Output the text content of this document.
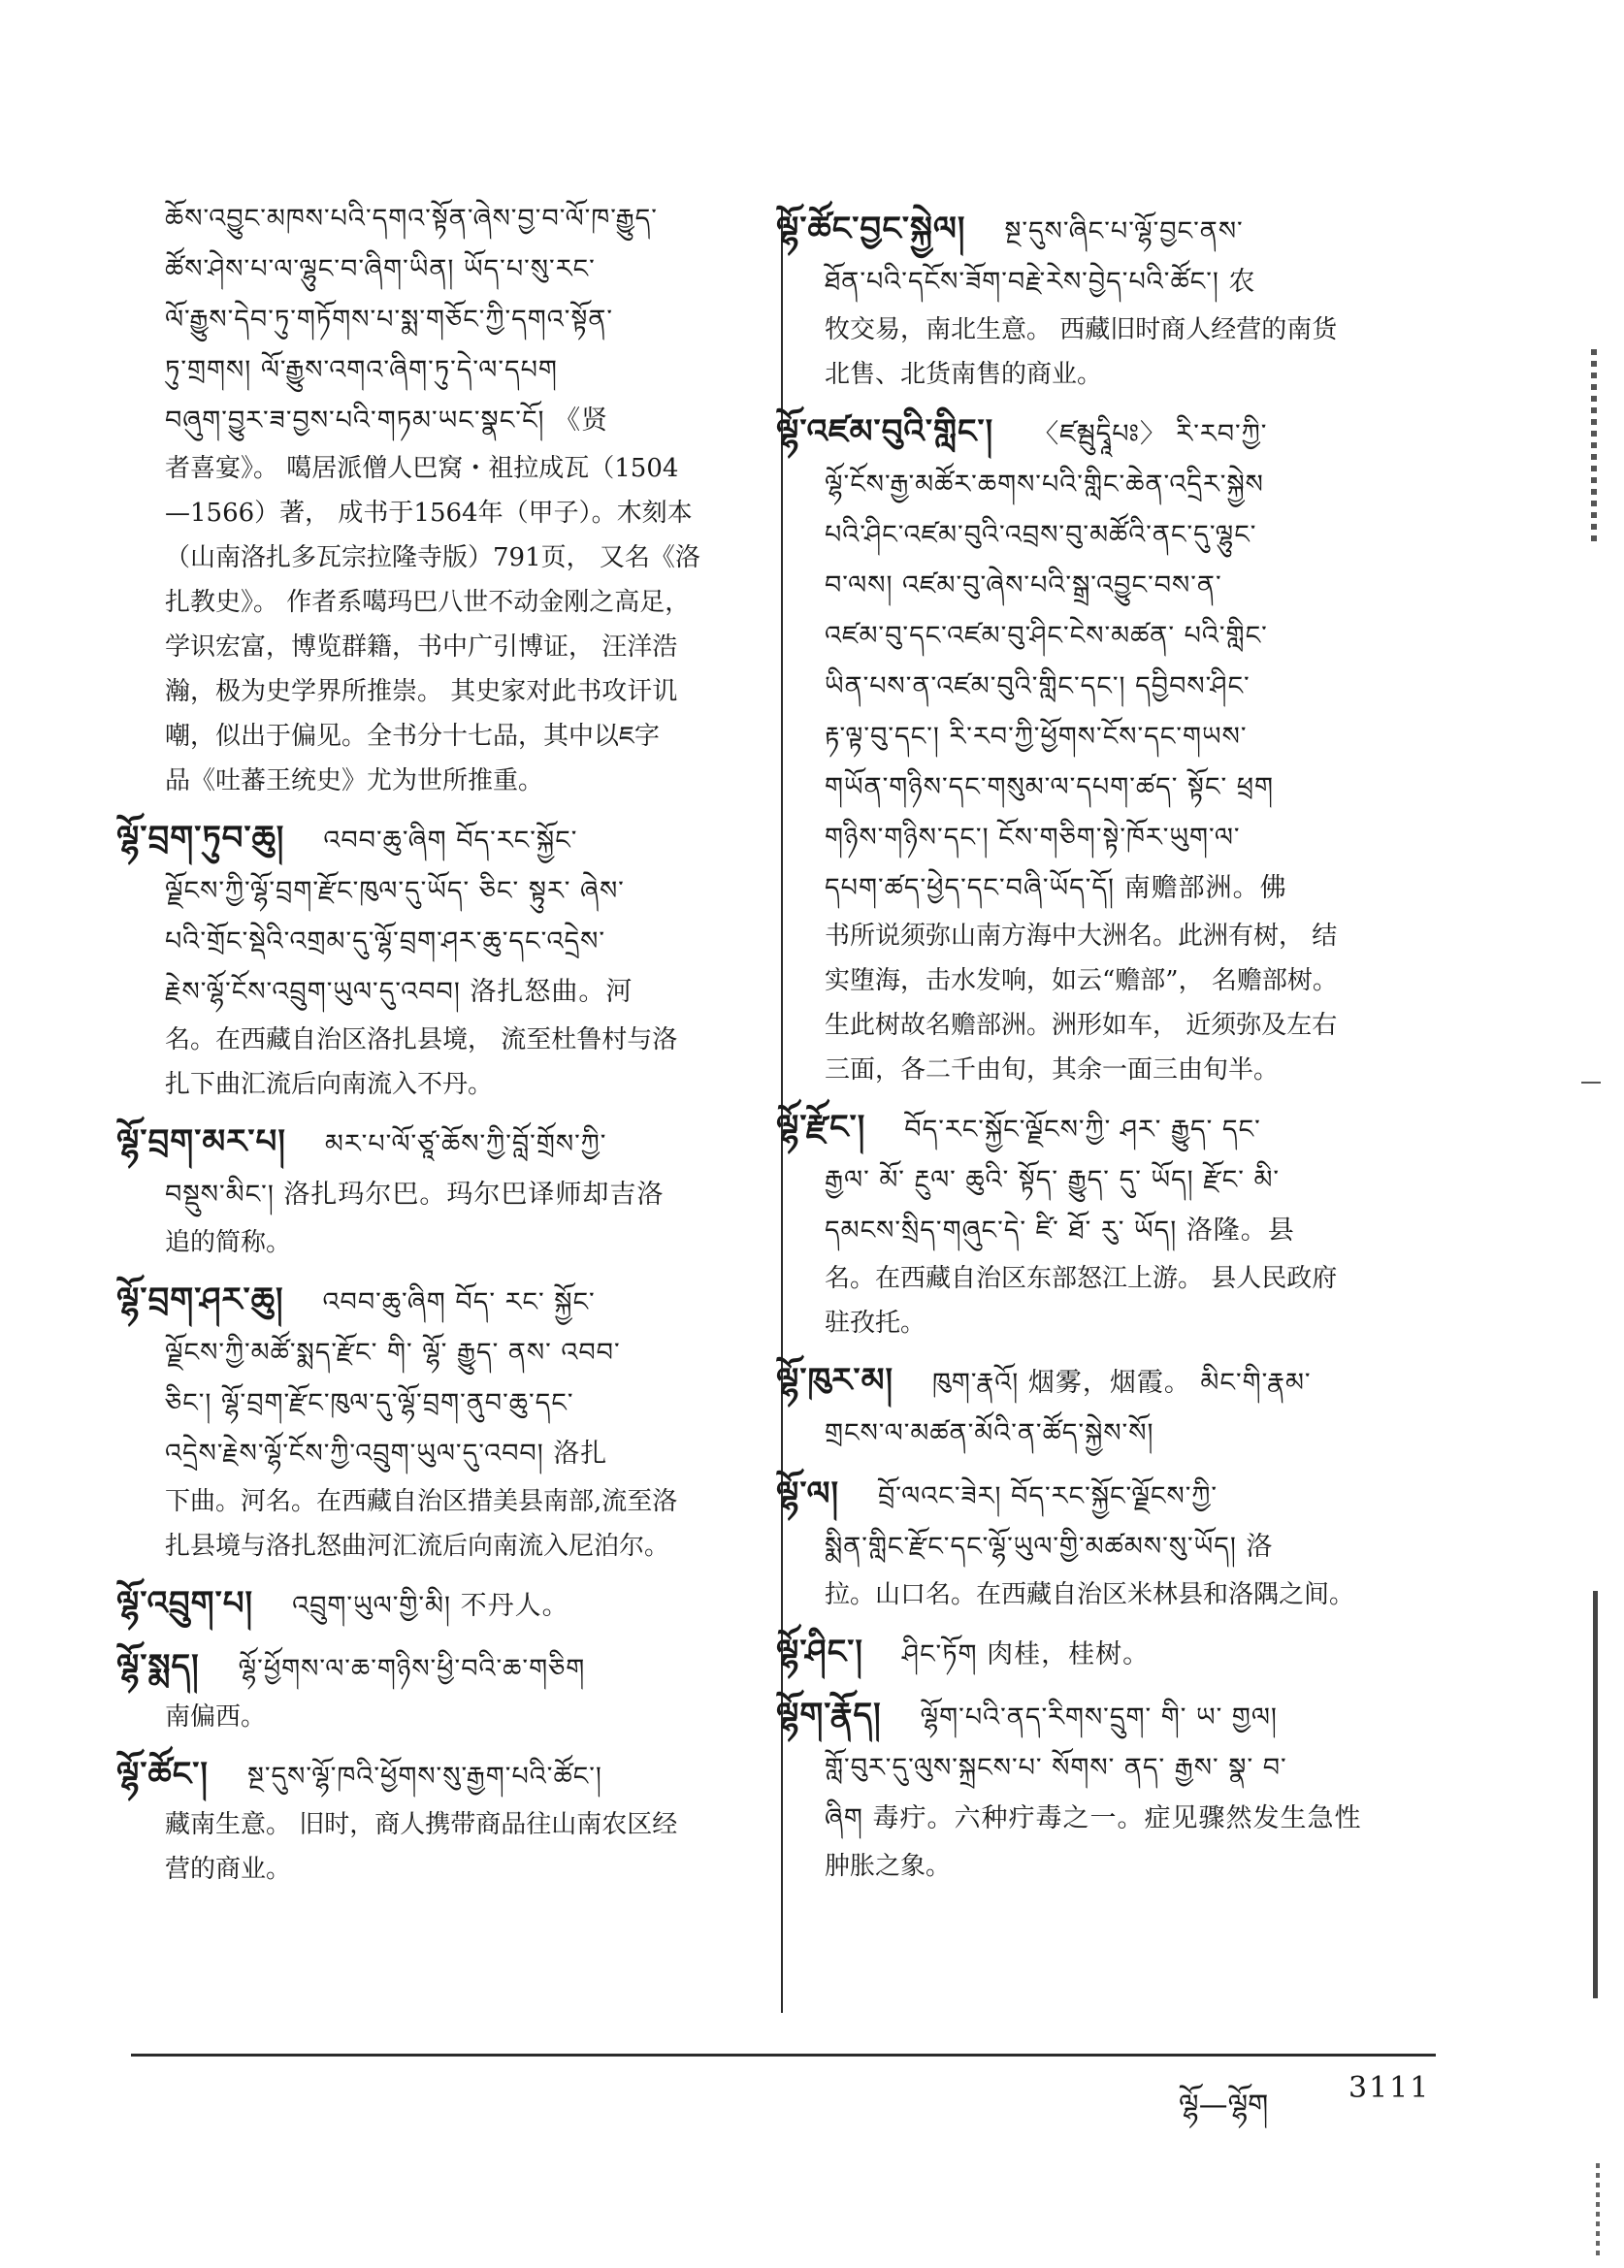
ཆོས་འབྱུང་མཁས་པའི་དགའ་སྟོན་ཞེས་བྱ་བ་ལོ་ཁ་རྒྱུད་

ཚོས་ཤེས་པ་ལ་ལྷུང་བ་ཞིག་ཡིན། ཡོད་པ་སུ་རང་

ལོ་རྒྱུས་དེབ་ཏུ་གཏོགས་པ་སྨ་གཅོང་ཀྱི་དགའ་སྟོན་

ཏུ་གྲགས། ལོ་རྒྱུས་འགའ་ཞིག་ཏུ་དེ་ལ་དཔག

བཞུག་བྱུར་ཟ་བྱས་པའི་གཏམ་ཡང་སྣང་ངོ། 《贤

者喜宴》。 噶居派僧人巴窝・祖拉成瓦（1504

—1566）著， 成书于1564年（甲子）。木刻本

（山南洛扎多瓦宗拉隆寺版）791页， 又名《洛

扎教史》。 作者系噶玛巴八世不动金刚之高足，

学识宏富，博览群籍，书中广引博证， 汪洋浩

瀚，极为史学界所推崇。 其史家对此书攻讦讥

嘲，似出于偏见。全书分十七品，其中以ཇ字

品《吐蕃王统史》尤为世所推重。

ལྷོ་བྲག་ཏུབ་ཆུ། འབབ་ཆུ་ཞིག བོད་རང་སྐྱོང་

ལྗོངས་ཀྱི་ལྷོ་བྲག་རྫོང་ཁུལ་དུ་ཡོད་ ཅིང་ སྟུར་ ཞེས་

པའི་གྲོང་སྡེའི་འགྲམ་དུ་ལྷོ་བྲག་ཤར་ཆུ་དང་འདྲེས་

རྗེས་ལྷོ་ངོས་འབྲུག་ཡུལ་དུ་འབབ། 洛扎怒曲。河

名。在西藏自治区洛扎县境， 流至杜鲁村与洛

扎下曲汇流后向南流入不丹。

ལྷོ་བྲག་མར་པ། མར་པ་ལོ་ཙཱ་ཆོས་ཀྱི་བློ་གྲོས་ཀྱི་

བསྡུས་མིང་། 洛扎玛尔巴。玛尔巴译师却吉洛

追的简称。

ལྷོ་བྲག་ཤར་ཆུ། འབབ་ཆུ་ཞིག བོད་ རང་ སྐྱོང་

ལྗོངས་ཀྱི་མཚོ་སྨད་རྫོང་ གི་ ལྷོ་ རྒྱུད་ ནས་ འབབ་

ཅིང་། ལྷོ་བྲག་རྫོང་ཁུལ་དུ་ལྷོ་བྲག་ནུབ་ཆུ་དང་

འདྲེས་རྗེས་ལྷོ་ངོས་ཀྱི་འབྲུག་ཡུལ་དུ་འབབ། 洛扎

下曲。河名。在西藏自治区措美县南部,流至洛

扎县境与洛扎怒曲河汇流后向南流入尼泊尔。

ལྷོ་འབྲུག་པ། འབྲུག་ཡུལ་གྱི་མི། 不丹人。

ལྷོ་སྨད། ལྷོ་ཕྱོགས་ལ་ཆ་གཉིས་ཕྱི་བའི་ཆ་གཅིག

南偏西。

ལྷོ་ཚོང་། སྔ་དུས་ལྷོ་ཁའི་ཕྱོགས་སུ་རྒྱག་པའི་ཚོང་།

藏南生意。 旧时，商人携带商品往山南农区经

营的商业。

ལྷོ་ཚོང་བྱང་སྐྱེལ། སྔ་དུས་ཞིང་པ་ལྷོ་བྱང་ནས་

ཐོན་པའི་དངོས་ཟོག་བརྗེ་རེས་བྱེད་པའི་ཚོང་། 农

牧交易，南北生意。 西藏旧时商人经营的南货

北售、北货南售的商业。

ལྷོ་འཛམ་བུའི་གླིང་། 〈ཛམྦུདྭཱིཔཿ〉 རི་རབ་ཀྱི་

ལྷོ་ངོས་རྒྱ་མཚོར་ཆགས་པའི་གླིང་ཆེན་འདྲིར་སྐྱེས

པའི་ཤིང་འཛམ་བུའི་འབྲས་བུ་མཚོའི་ནང་དུ་ལྷུང་

བ་ལས། འཛམ་བུ་ཞེས་པའི་སྒྲ་འབྱུང་བས་ན་

འཛམ་བུ་དང་འཛམ་བུ་ཤིང་ངེས་མཚན་ པའི་གླིང་

ཡིན་པས་ན་འཛམ་བུའི་གླིང་དང་། དབྱིབས་ཤིང་

རྟ་ལྟ་བུ་དང་། རི་རབ་ཀྱི་ཕྱོགས་ངོས་དང་གཡས་

གཡོན་གཉིས་དང་གསུམ་ལ་དཔག་ཚད་ སྟོང་ ཕྲག

གཉིས་གཉིས་དང་། ངོས་གཅིག་སྟེ་ཁོར་ཡུག་ལ་

དཔག་ཚད་ཕྱེད་དང་བཞི་ཡོད་དོ། 南赡部洲。佛

书所说须弥山南方海中大洲名。此洲有树， 结

实堕海，击水发响，如云“赡部”， 名赡部树。

生此树故名赡部洲。洲形如车， 近须弥及左右

三面，各二千由旬，其余一面三由旬半。

ལྷོ་རྫོང་། བོད་རང་སྐྱོང་ལྗོངས་ཀྱི་ ཤར་ རྒྱུད་ དང་

རྒྱལ་ མོ་ རྔུལ་ ཆུའི་ སྟོད་ རྒྱུད་ དུ་ ཡོད། རྫོང་ མི་

དམངས་སྲིད་གཞུང་དེ་ ཛི་ ཐོ་ རུ་ ཡོད། 洛隆。县

名。在西藏自治区东部怒江上游。 县人民政府

驻孜托。

ལྷོ་ཁུར་མ། ཁུག་རྣའོ། 烟雾，烟霞。 མིང་གི་རྣམ་

གྲངས་ལ་མཚན་མོའི་ན་ཚོད་སྐྱེས་སོ།

ལྷོ་ལ། བྲོ་ལའང་ཟེར། བོད་རང་སྐྱོང་ལྗོངས་ཀྱི་

སྨིན་གླིང་རྫོང་དང་ལྷོ་ཡུལ་གྱི་མཚམས་སུ་ཡོད། 洛

拉。山口名。在西藏自治区米林县和洛隅之间。

ལྷོ་ཤིང་། ཤིང་ཏོག 肉桂，桂树。

ལྷོག་རྣོད། ལྷོག་པའི་ནད་རིགས་དྲུག་ གི་ ཡ་ གྱལ།

གློ་བུར་དུ་ལུས་སྐྲངས་པ་ སོགས་ ནད་ རྒྱས་ སྣ་ བ་

ཞིག 毒疔。六种疔毒之一。症见骤然发生急性

肿胀之象。

ལྷོ—ལྷོག
3111
